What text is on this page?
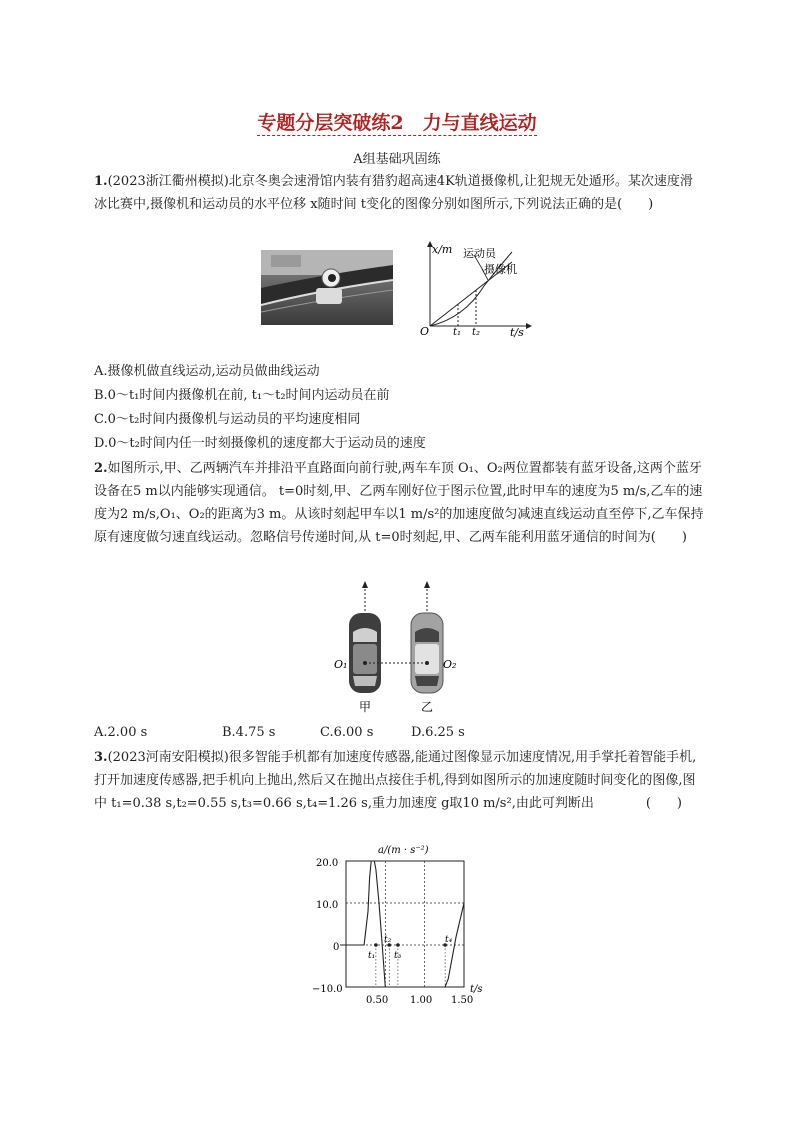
专题分层突破练2　力与直线运动
A组基础巩固练
1.(2023浙江衢州模拟)北京冬奥会速滑馆内装有猎豹超高速4K轨道摄像机,让犯规无处遁形。某次速度滑冰比赛中,摄像机和运动员的水平位移 x随时间 t变化的图像分别如图所示,下列说法正确的是(　　)
x/m
t/s
O
运动员
摄像机
t₁ t₂
A.摄像机做直线运动,运动员做曲线运动
B.0～t₁时间内摄像机在前, t₁～t₂时间内运动员在前
C.0～t₂时间内摄像机与运动员的平均速度相同
D.0～t₂时间内任一时刻摄像机的速度都大于运动员的速度
2.如图所示,甲、乙两辆汽车并排沿平直路面向前行驶,两车车顶 O₁、O₂两位置都装有蓝牙设备,这两个蓝牙设备在5 m以内能够实现通信。 t=0时刻,甲、乙两车刚好位于图示位置,此时甲车的速度为5 m/s,乙车的速度为2 m/s,O₁、O₂的距离为3 m。从该时刻起甲车以1 m/s²的加速度做匀减速直线运动直至停下,乙车保持原有速度做匀速直线运动。忽略信号传递时间,从 t=0时刻起,甲、乙两车能利用蓝牙通信的时间为(　　)
O₁	O₂
甲	乙
A.2.00 s	B.4.75 s	C.6.00 s	D.6.25 s
3.(2023河南安阳模拟)很多智能手机都有加速度传感器,能通过图像显示加速度情况,用手掌托着智能手机,打开加速度传感器,把手机向上抛出,然后又在抛出点接住手机,得到如图所示的加速度随时间变化的图像,图中 t₁=0.38 s,t₂=0.55 s,t₃=0.66 s,t₄=1.26 s,重力加速度 g取10 m/s²,由此可判断出　　　　(　　)
a/(m · s⁻²)
t/s
20.0
10.0
0
−10.0
0.50 1.00 1.50
t₁
t₂
t₃
t₄
